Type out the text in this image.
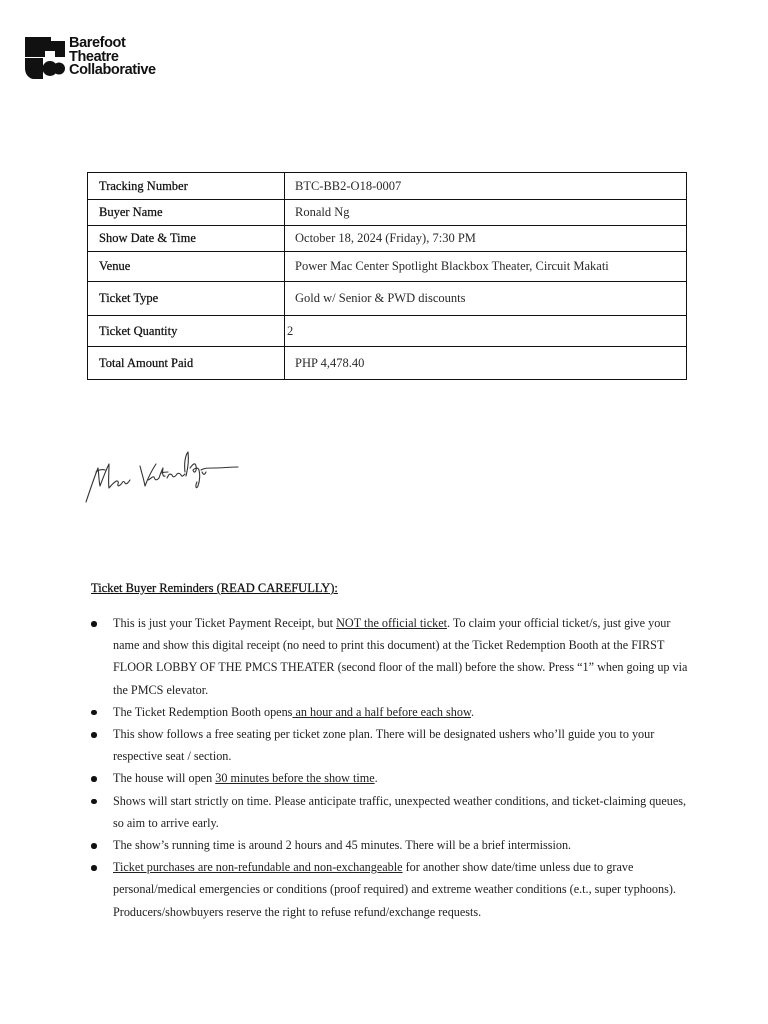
Barefoot
Theatre
Collaborative
Tracking Number	BTC-BB2-O18-0007
Buyer Name	Ronald Ng
Show Date & Time	October 18, 2024 (Friday), 7:30 PM
Venue	Power Mac Center Spotlight Blackbox Theater, Circuit Makati
Ticket Type	Gold w/ Senior & PWD discounts
Ticket Quantity	2
Total Amount Paid	PHP 4,478.40
Ticket Buyer Reminders (READ CAREFULLY):
This is just your Ticket Payment Receipt, but NOT the official ticket. To claim your official ticket/s, just give your name and show this digital receipt (no need to print this document) at the Ticket Redemption Booth at the FIRST FLOOR LOBBY OF THE PMCS THEATER (second floor of the mall) before the show. Press “1” when going up via the PMCS elevator.
The Ticket Redemption Booth opens an hour and a half before each show.
This show follows a free seating per ticket zone plan. There will be designated ushers who’ll guide you to your respective seat / section.
The house will open 30 minutes before the show time.
Shows will start strictly on time. Please anticipate traffic, unexpected weather conditions, and ticket-claiming queues, so aim to arrive early.
The show’s running time is around 2 hours and 45 minutes. There will be a brief intermission.
Ticket purchases are non-refundable and non-exchangeable for another show date/time unless due to grave personal/medical emergencies or conditions (proof required) and extreme weather conditions (e.t., super typhoons). Producers/showbuyers reserve the right to refuse refund/exchange requests.
